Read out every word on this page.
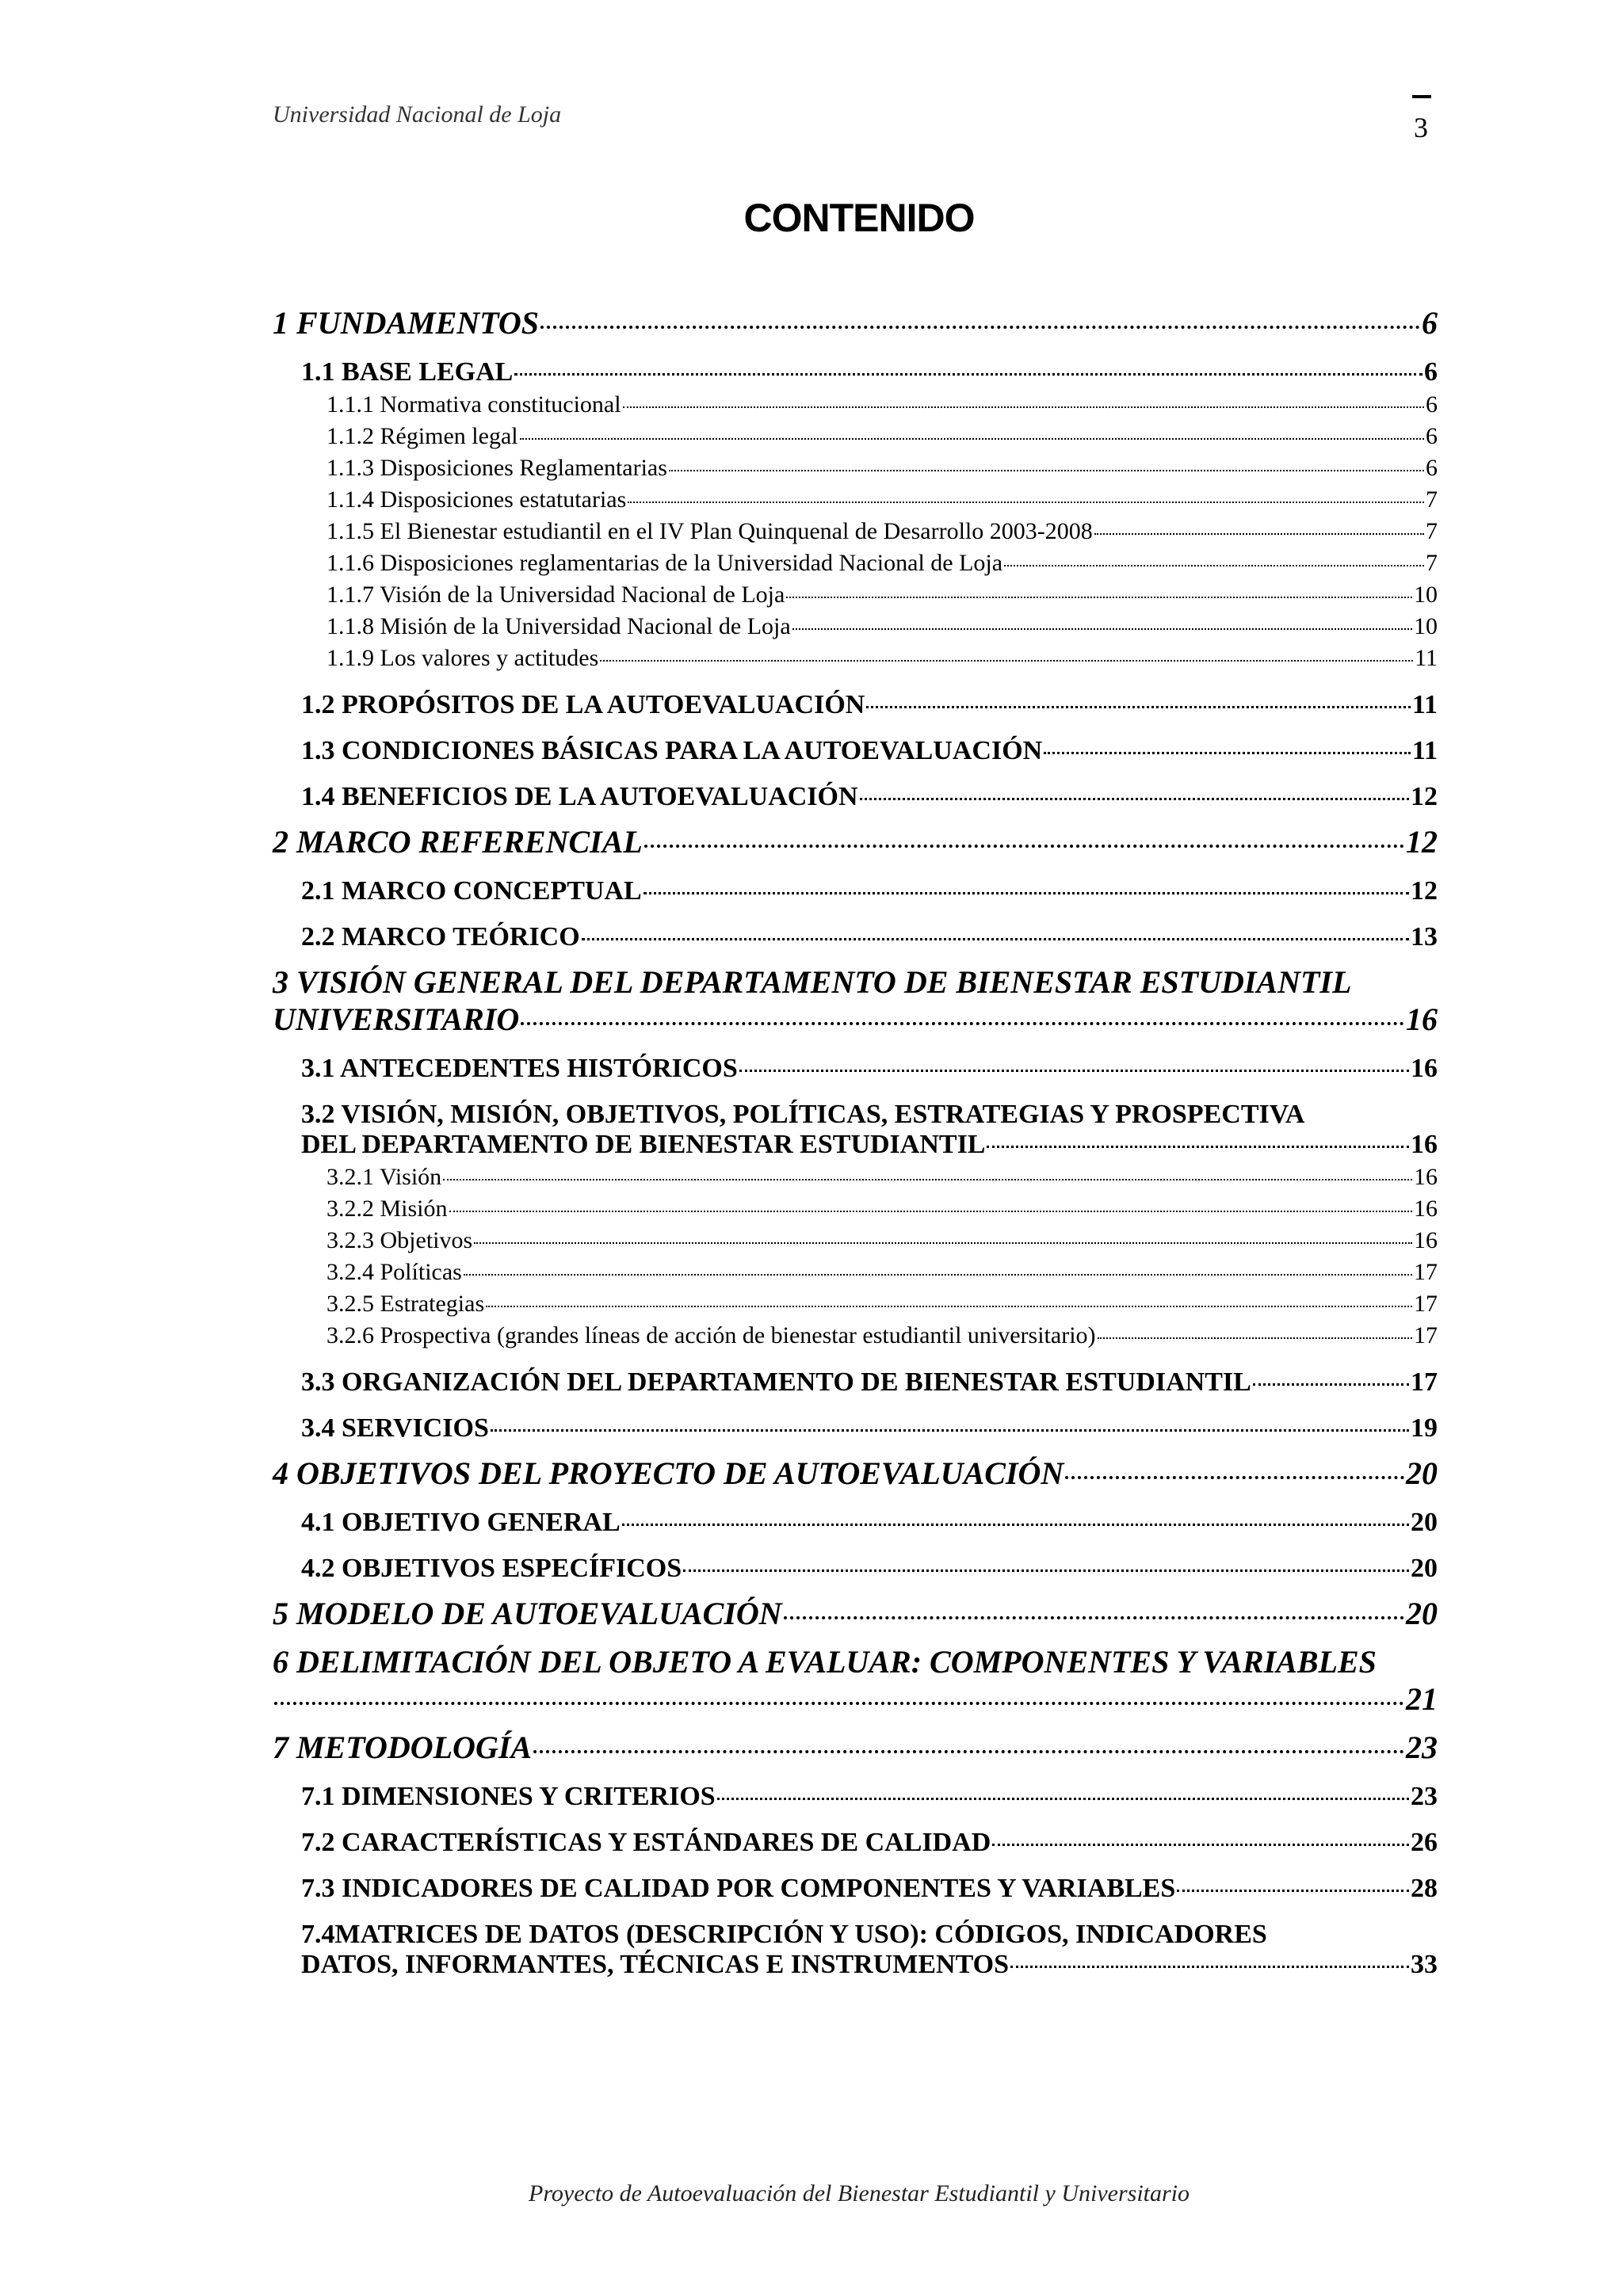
Universidad Nacional de Loja	3
CONTENIDO
1 FUNDAMENTOS	6
1.1 BASE LEGAL	6
1.1.1 Normativa constitucional	6
1.1.2 Régimen legal	6
1.1.3 Disposiciones Reglamentarias	6
1.1.4 Disposiciones estatutarias	7
1.1.5 El Bienestar estudiantil en el IV Plan Quinquenal de Desarrollo 2003-2008	7
1.1.6 Disposiciones reglamentarias de la Universidad Nacional de Loja	7
1.1.7 Visión de la Universidad Nacional de Loja	10
1.1.8 Misión de la Universidad Nacional de Loja	10
1.1.9 Los valores y actitudes	11
1.2 PROPÓSITOS DE LA AUTOEVALUACIÓN	11
1.3 CONDICIONES BÁSICAS PARA LA AUTOEVALUACIÓN	11
1.4 BENEFICIOS DE LA AUTOEVALUACIÓN	12
2 MARCO REFERENCIAL	12
2.1 MARCO CONCEPTUAL	12
2.2 MARCO TEÓRICO	13
3 VISIÓN GENERAL DEL DEPARTAMENTO DE BIENESTAR ESTUDIANTIL
UNIVERSITARIO	16
3.1 ANTECEDENTES HISTÓRICOS	16
3.2 VISIÓN, MISIÓN, OBJETIVOS, POLÍTICAS, ESTRATEGIAS Y PROSPECTIVA
DEL DEPARTAMENTO DE BIENESTAR ESTUDIANTIL	16
3.2.1 Visión	16
3.2.2 Misión	16
3.2.3 Objetivos	16
3.2.4 Políticas	17
3.2.5 Estrategias	17
3.2.6 Prospectiva (grandes líneas de acción de bienestar estudiantil universitario)	17
3.3 ORGANIZACIÓN DEL DEPARTAMENTO DE BIENESTAR ESTUDIANTIL	17
3.4 SERVICIOS	19
4 OBJETIVOS DEL PROYECTO DE AUTOEVALUACIÓN	20
4.1 OBJETIVO GENERAL	20
4.2 OBJETIVOS ESPECÍFICOS	20
5 MODELO DE AUTOEVALUACIÓN	20
6 DELIMITACIÓN DEL OBJETO A EVALUAR: COMPONENTES Y VARIABLES
21
7 METODOLOGÍA	23
7.1 DIMENSIONES Y CRITERIOS	23
7.2 CARACTERÍSTICAS Y ESTÁNDARES DE CALIDAD	26
7.3 INDICADORES DE CALIDAD POR COMPONENTES Y VARIABLES	28
7.4MATRICES DE DATOS (DESCRIPCIÓN Y USO): CÓDIGOS, INDICADORES
DATOS, INFORMANTES, TÉCNICAS E INSTRUMENTOS	33
Proyecto de Autoevaluación del Bienestar Estudiantil y Universitario
